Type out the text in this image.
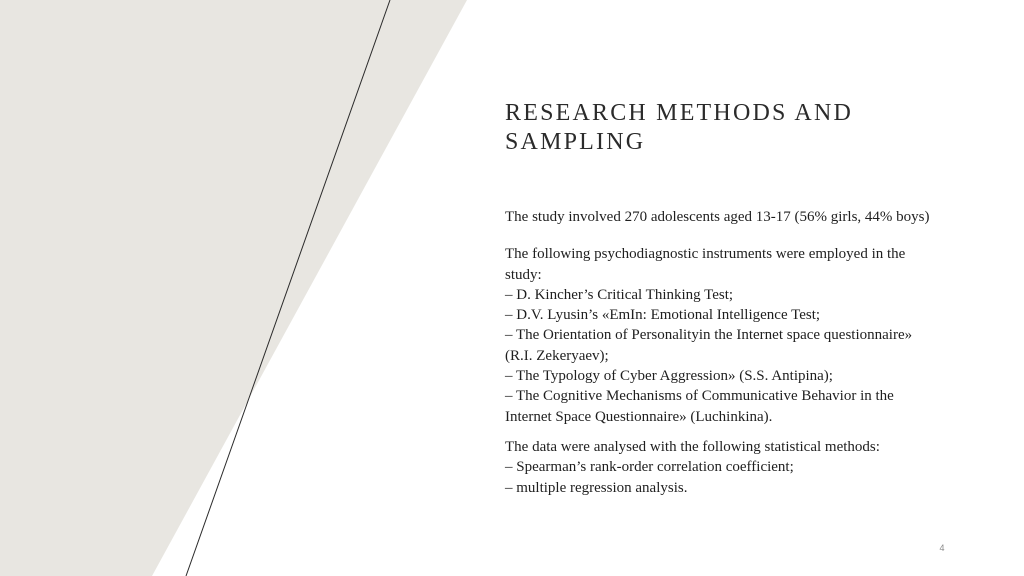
RESEARCH METHODS AND
SAMPLING

The study involved 270 adolescents aged 13-17 (56% girls, 44% boys)

The following psychodiagnostic instruments were employed in the
study:
– D. Kincher’s Critical Thinking Test;
– D.V. Lyusin’s «EmIn: Emotional Intelligence Test;
– The Orientation of Personalityin the Internet space questionnaire»
(R.I. Zekeryaev);
– The Typology of Cyber Aggression» (S.S. Antipina);
– The Cognitive Mechanisms of Communicative Behavior in the
Internet Space Questionnaire» (Luchinkina).
The data were analysed with the following statistical methods:
– Spearman’s rank-order correlation coefficient;
– multiple regression analysis.
4
